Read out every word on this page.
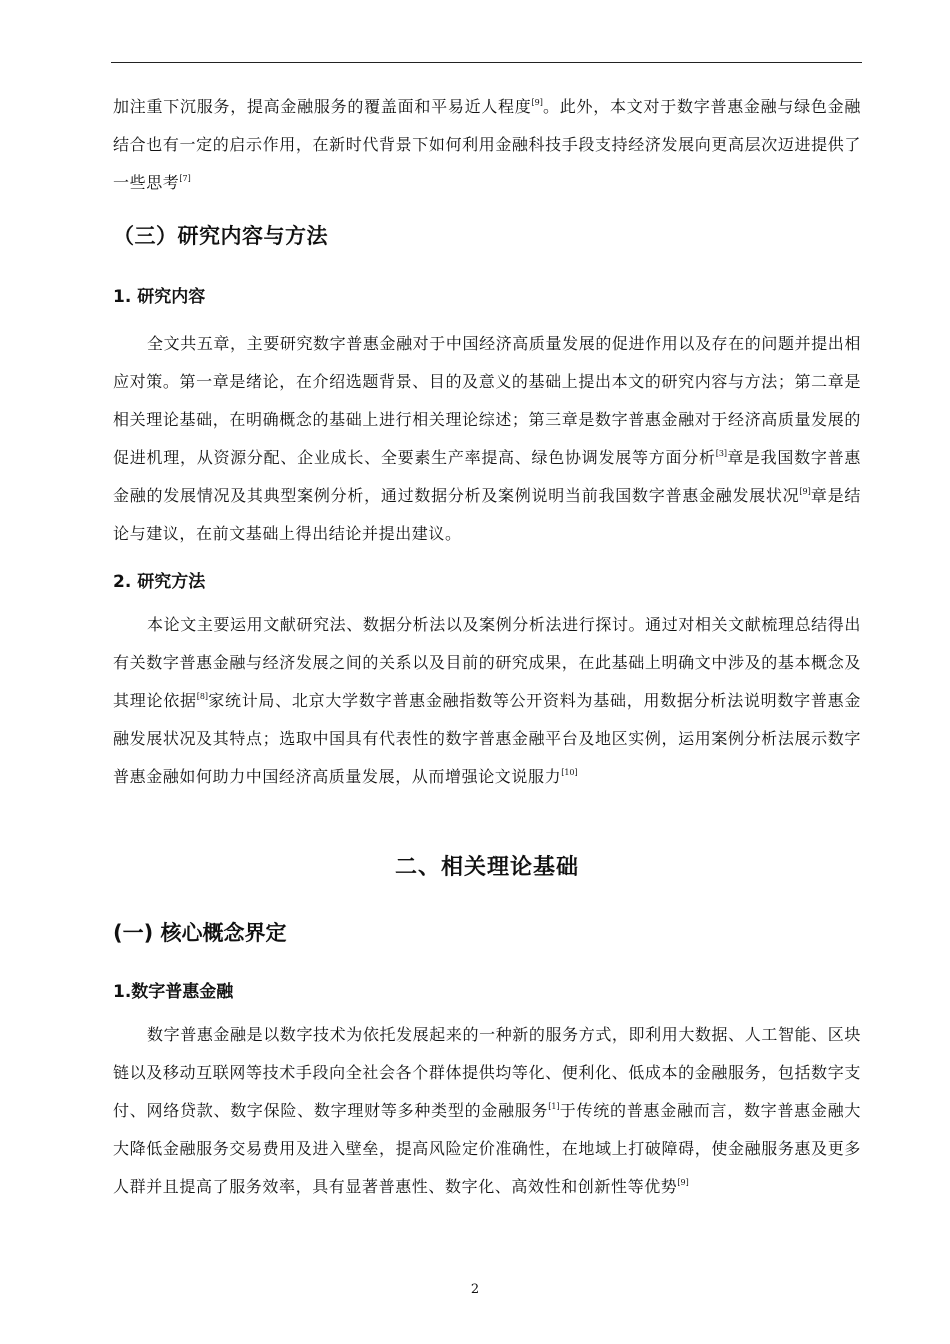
加注重下沉服务，提高金融服务的覆盖面和平易近人程度[9]。此外，本文对于数字普惠金融与绿色金融结合也有一定的启示作用，在新时代背景下如何利用金融科技手段支持经济发展向更高层次迈进提供了一些思考[7]

（三）研究内容与方法
1. 研究内容

全文共五章，主要研究数字普惠金融对于中国经济高质量发展的促进作用以及存在的问题并提出相应对策。第一章是绪论，在介绍选题背景、目的及意义的基础上提出本文的研究内容与方法；第二章是相关理论基础，在明确概念的基础上进行相关理论综述；第三章是数字普惠金融对于经济高质量发展的促进机理，从资源分配、企业成长、全要素生产率提高、绿色协调发展等方面分析[3]章是我国数字普惠金融的发展情况及其典型案例分析，通过数据分析及案例说明当前我国数字普惠金融发展状况[9]章是结论与建议，在前文基础上得出结论并提出建议。

2. 研究方法

本论文主要运用文献研究法、数据分析法以及案例分析法进行探讨。通过对相关文献梳理总结得出有关数字普惠金融与经济发展之间的关系以及目前的研究成果，在此基础上明确文中涉及的基本概念及其理论依据[8]家统计局、北京大学数字普惠金融指数等公开资料为基础，用数据分析法说明数字普惠金融发展状况及其特点；选取中国具有代表性的数字普惠金融平台及地区实例，运用案例分析法展示数字普惠金融如何助力中国经济高质量发展，从而增强论文说服力[10]

二、相关理论基础
(一) 核心概念界定
1.数字普惠金融

数字普惠金融是以数字技术为依托发展起来的一种新的服务方式，即利用大数据、人工智能、区块链以及移动互联网等技术手段向全社会各个群体提供均等化、便利化、低成本的金融服务，包括数字支付、网络贷款、数字保险、数字理财等多种类型的金融服务[1]于传统的普惠金融而言，数字普惠金融大大降低金融服务交易费用及进入壁垒，提高风险定价准确性，在地域上打破障碍，使金融服务惠及更多人群并且提高了服务效率，具有显著普惠性、数字化、高效性和创新性等优势[9]

2
